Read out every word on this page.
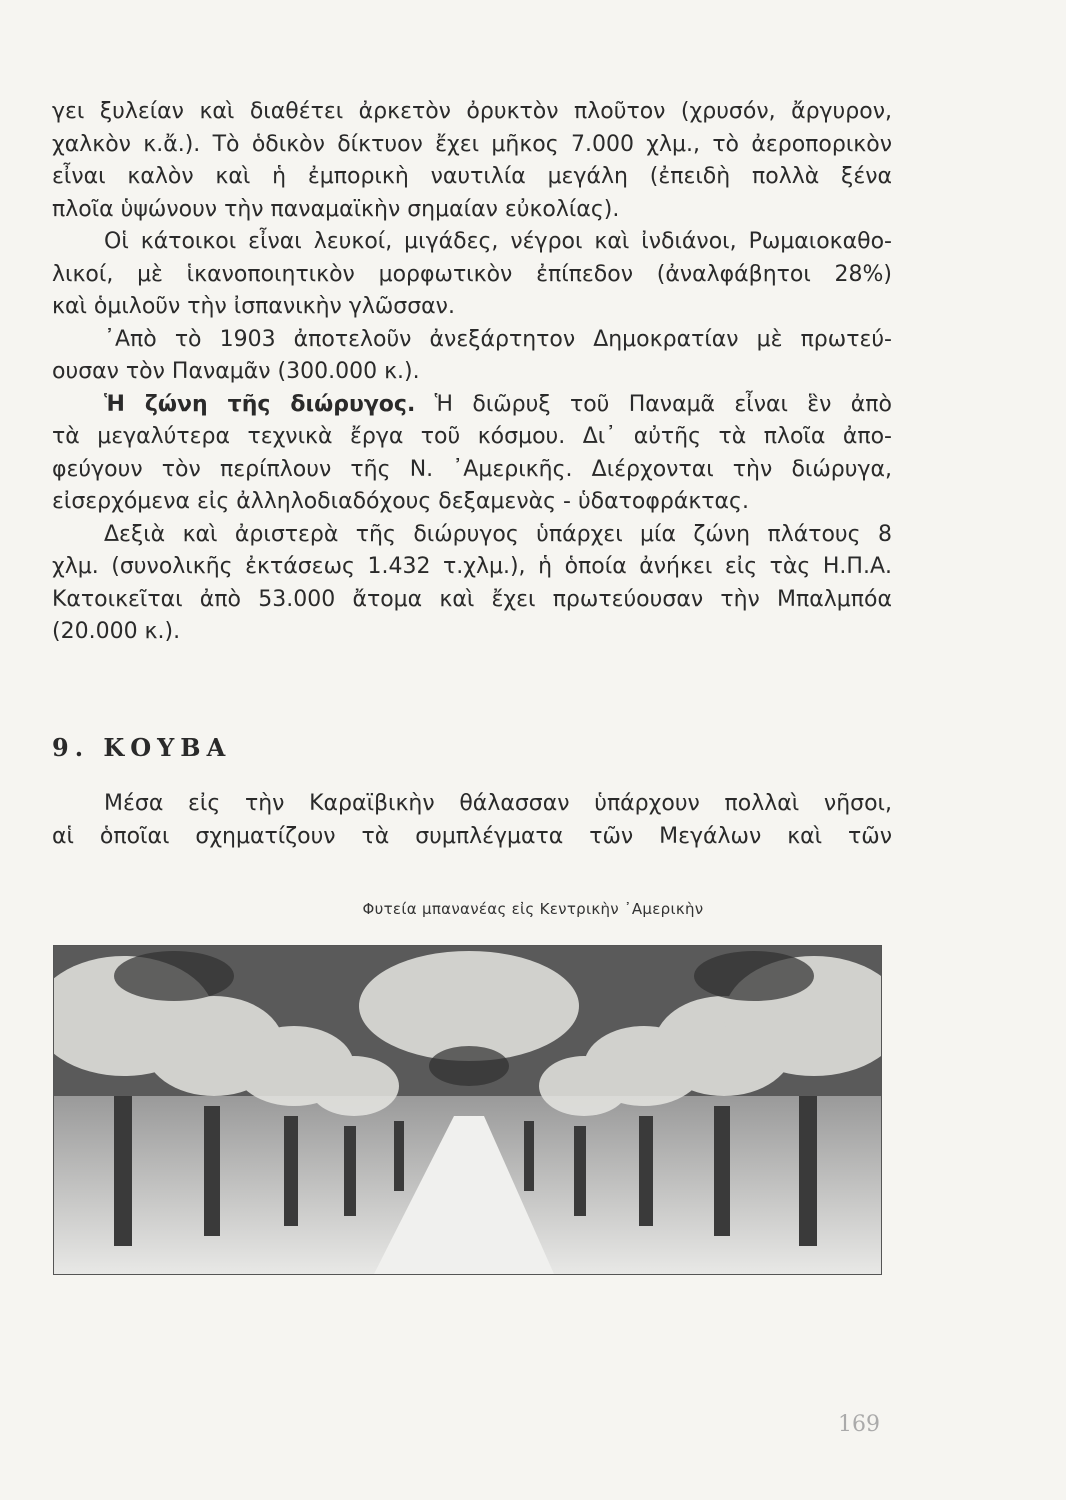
γει ξυλείαν καὶ διαθέτει ἀρκετὸν ὀρυκτὸν πλοῦτον (χρυσόν, ἄργυρον,
χαλκὸν κ.ἄ.). Τὸ ὁδικὸν δίκτυον ἔχει μῆκος 7.000 χλμ., τὸ ἀεροπορικὸν
εἶναι καλὸν καὶ ἡ ἐμπορικὴ ναυτιλία μεγάλη (ἐπειδὴ πολλὰ ξένα
πλοῖα ὑψώνουν τὴν παναμαϊκὴν σημαίαν εὐκολίας).
Οἱ κάτοικοι εἶναι λευκοί, μιγάδες, νέγροι καὶ ἰνδιάνοι, Ρωμαιοκαθο-
λικοί, μὲ ἱκανοποιητικὸν μορφωτικὸν ἐπίπεδον (ἀναλφάβητοι 28%)
καὶ ὁμιλοῦν τὴν ἰσπανικὴν γλῶσσαν.
᾿Απὸ τὸ 1903 ἀποτελοῦν ἀνεξάρτητον Δημοκρατίαν μὲ πρωτεύ-
ουσαν τὸν Παναμᾶν (300.000 κ.).
Ἡ ζώνη τῆς διώρυγος. Ἡ διῶρυξ τοῦ Παναμᾶ εἶναι ἓν ἀπὸ
τὰ μεγαλύτερα τεχνικὰ ἔργα τοῦ κόσμου. Δι᾿ αὐτῆς τὰ πλοῖα ἀπο-
φεύγουν τὸν περίπλουν τῆς Ν. ᾿Αμερικῆς. Διέρχονται τὴν διώρυγα,
εἰσερχόμενα εἰς ἀλληλοδιαδόχους δεξαμενὰς - ὑδατοφράκτας.
Δεξιὰ καὶ ἀριστερὰ τῆς διώρυγος ὑπάρχει μία ζώνη πλάτους 8
χλμ. (συνολικῆς ἐκτάσεως 1.432 τ.χλμ.), ἡ ὁποία ἀνήκει εἰς τὰς Η.Π.Α.
Κατοικεῖται ἀπὸ 53.000 ἄτομα καὶ ἔχει πρωτεύουσαν τὴν Μπαλμπόα
(20.000 κ.).
9. ΚΟΥΒΑ
Μέσα εἰς τὴν Καραϊβικὴν θάλασσαν ὑπάρχουν πολλαὶ νῆσοι,
αἱ ὁποῖαι σχηματίζουν τὰ συμπλέγματα τῶν Μεγάλων καὶ τῶν
Φυτεία μπανανέας εἰς Κεντρικὴν ᾿Αμερικὴν
169
